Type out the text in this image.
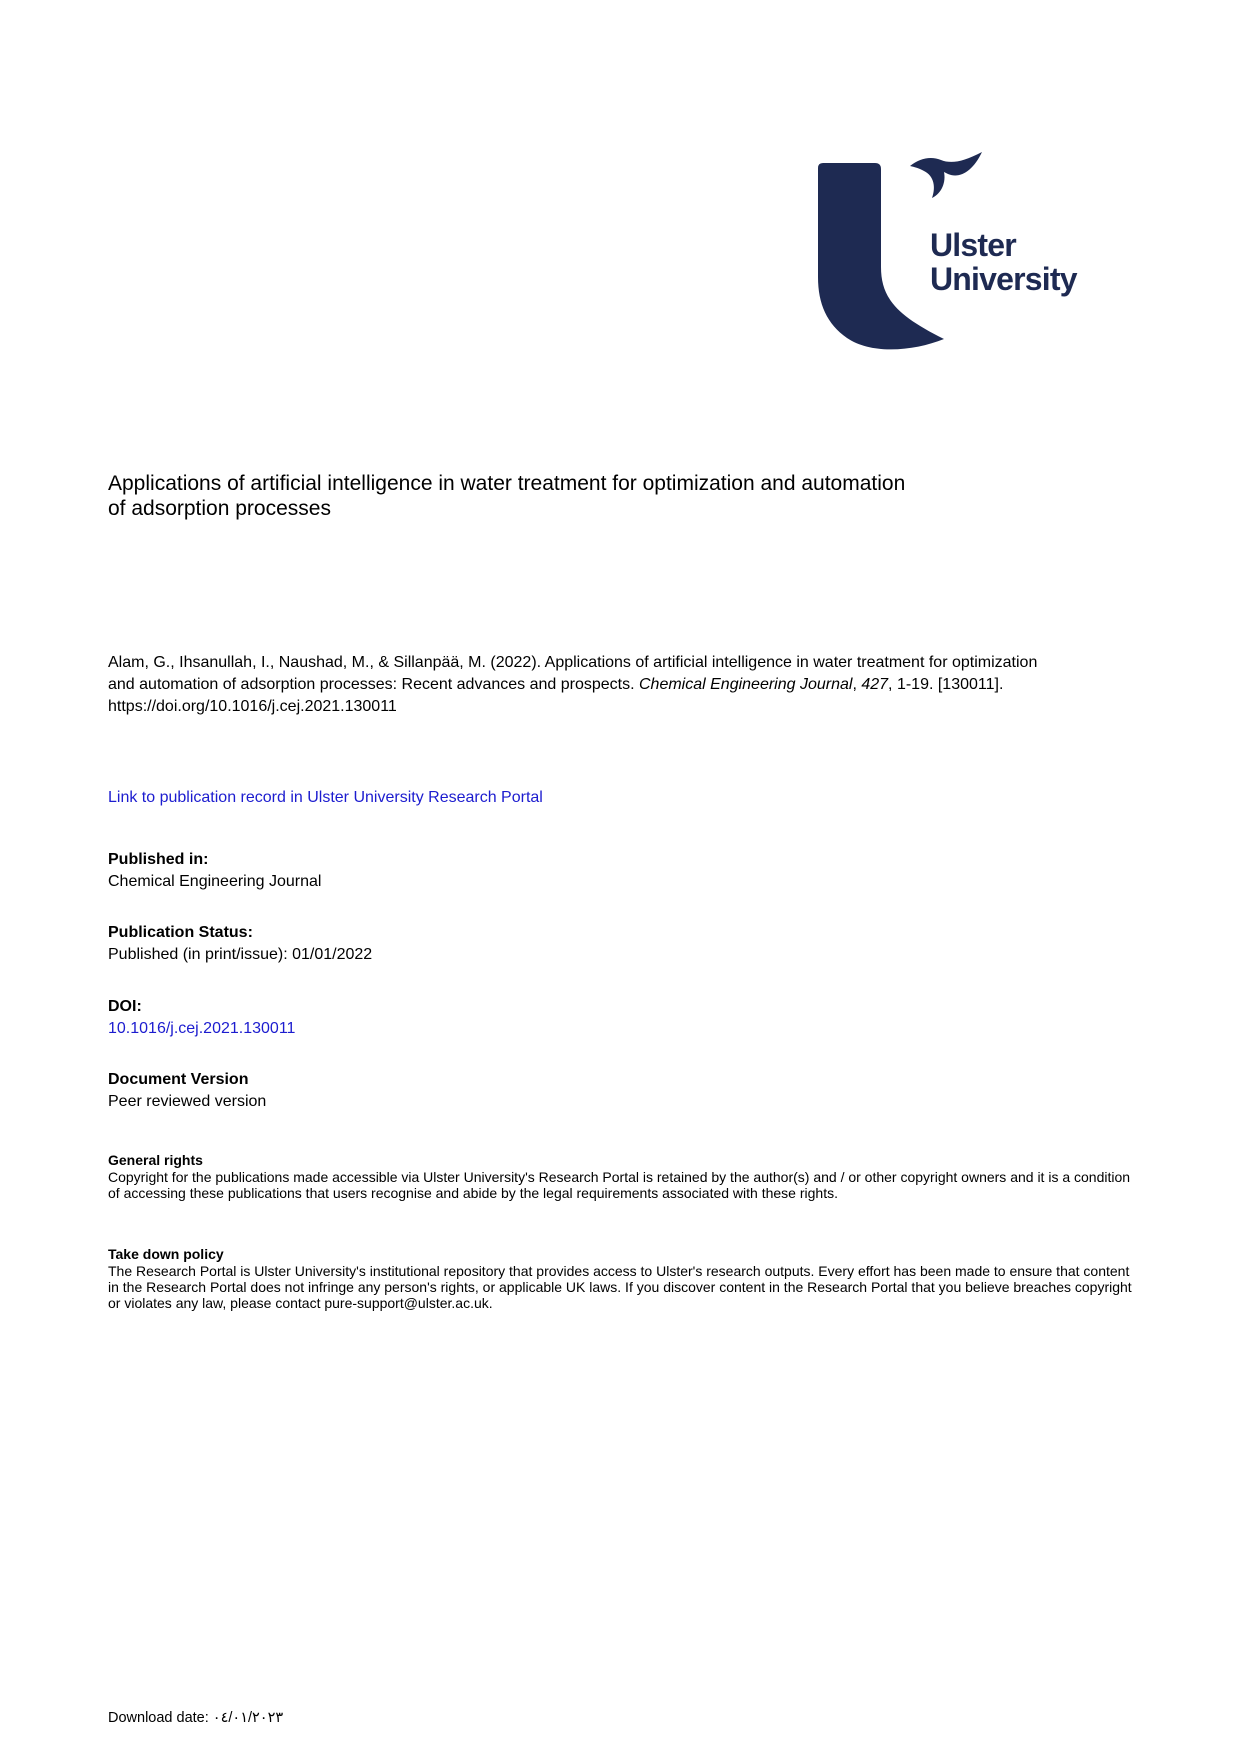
Ulster
University
Applications of artificial intelligence in water treatment for optimization and automation
of adsorption processes

Alam, G., Ihsanullah, I., Naushad, M., & Sillanpää, M. (2022). Applications of artificial intelligence in water treatment for optimization and automation of adsorption processes: Recent advances and prospects. Chemical Engineering Journal, 427, 1-19. [130011]. https://doi.org/10.1016/j.cej.2021.130011

Link to publication record in Ulster University Research Portal
Published in:
Chemical Engineering Journal
Publication Status:
Published (in print/issue): 01/01/2022
DOI:
10.1016/j.cej.2021.130011
Document Version
Peer reviewed version
General rights
Copyright for the publications made accessible via Ulster University's Research Portal is retained by the author(s) and / or other copyright owners and it is a condition of accessing these publications that users recognise and abide by the legal requirements associated with these rights.
Take down policy
The Research Portal is Ulster University's institutional repository that provides access to Ulster's research outputs. Every effort has been made to ensure that content in the Research Portal does not infringe any person's rights, or applicable UK laws. If you discover content in the Research Portal that you believe breaches copyright or violates any law, please contact pure-support@ulster.ac.uk.
Download date: ٠٤/٠١/٢٠٢٣
